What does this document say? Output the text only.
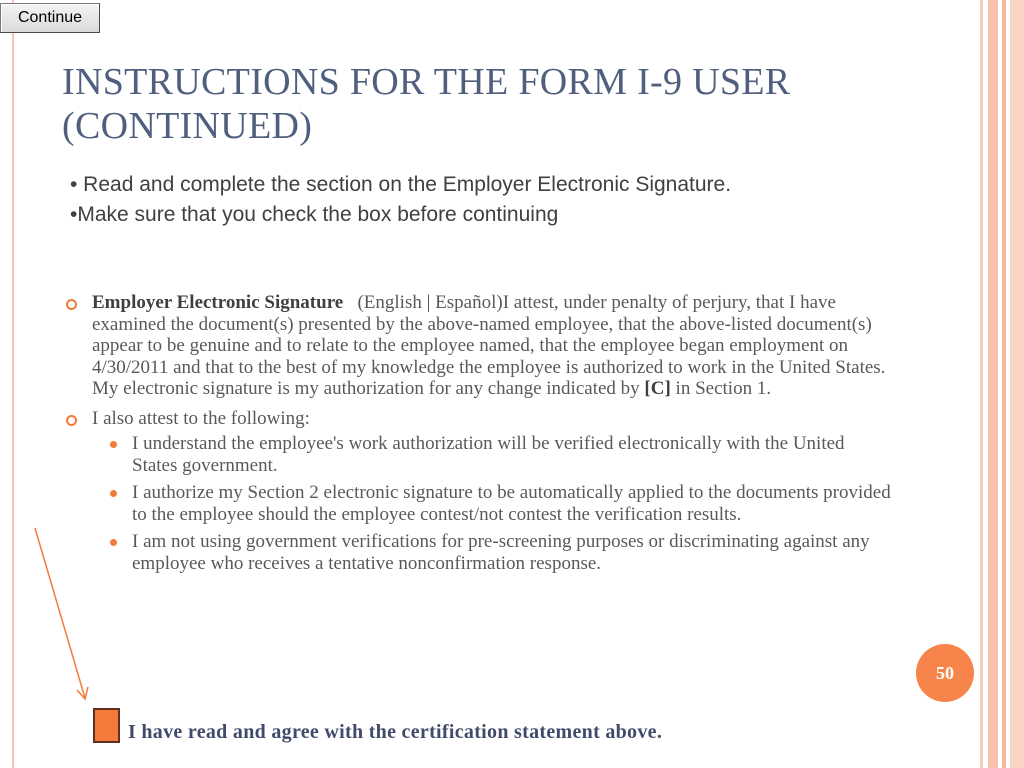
Continue
INSTRUCTIONS FOR THE FORM I-9 USER (CONTINUED)

• Read and complete the section on the Employer Electronic Signature.

•Make sure that you check the box before continuing

Employer Electronic Signature (English | Español)I attest, under penalty of perjury, that I have examined the document(s) presented by the above-named employee, that the above-listed document(s) appear to be genuine and to relate to the employee named, that the employee began employment on 4/30/2011 and that to the best of my knowledge the employee is authorized to work in the United States. My electronic signature is my authorization for any change indicated by [C] in Section 1.
I also attest to the following:
I understand the employee's work authorization will be verified electronically with the United States government.
I authorize my Section 2 electronic signature to be automatically applied to the documents provided to the employee should the employee contest/not contest the verification results.
I am not using government verifications for pre-screening purposes or discriminating against any employee who receives a tentative nonconfirmation response.
50
I have read and agree with the certification statement above.
